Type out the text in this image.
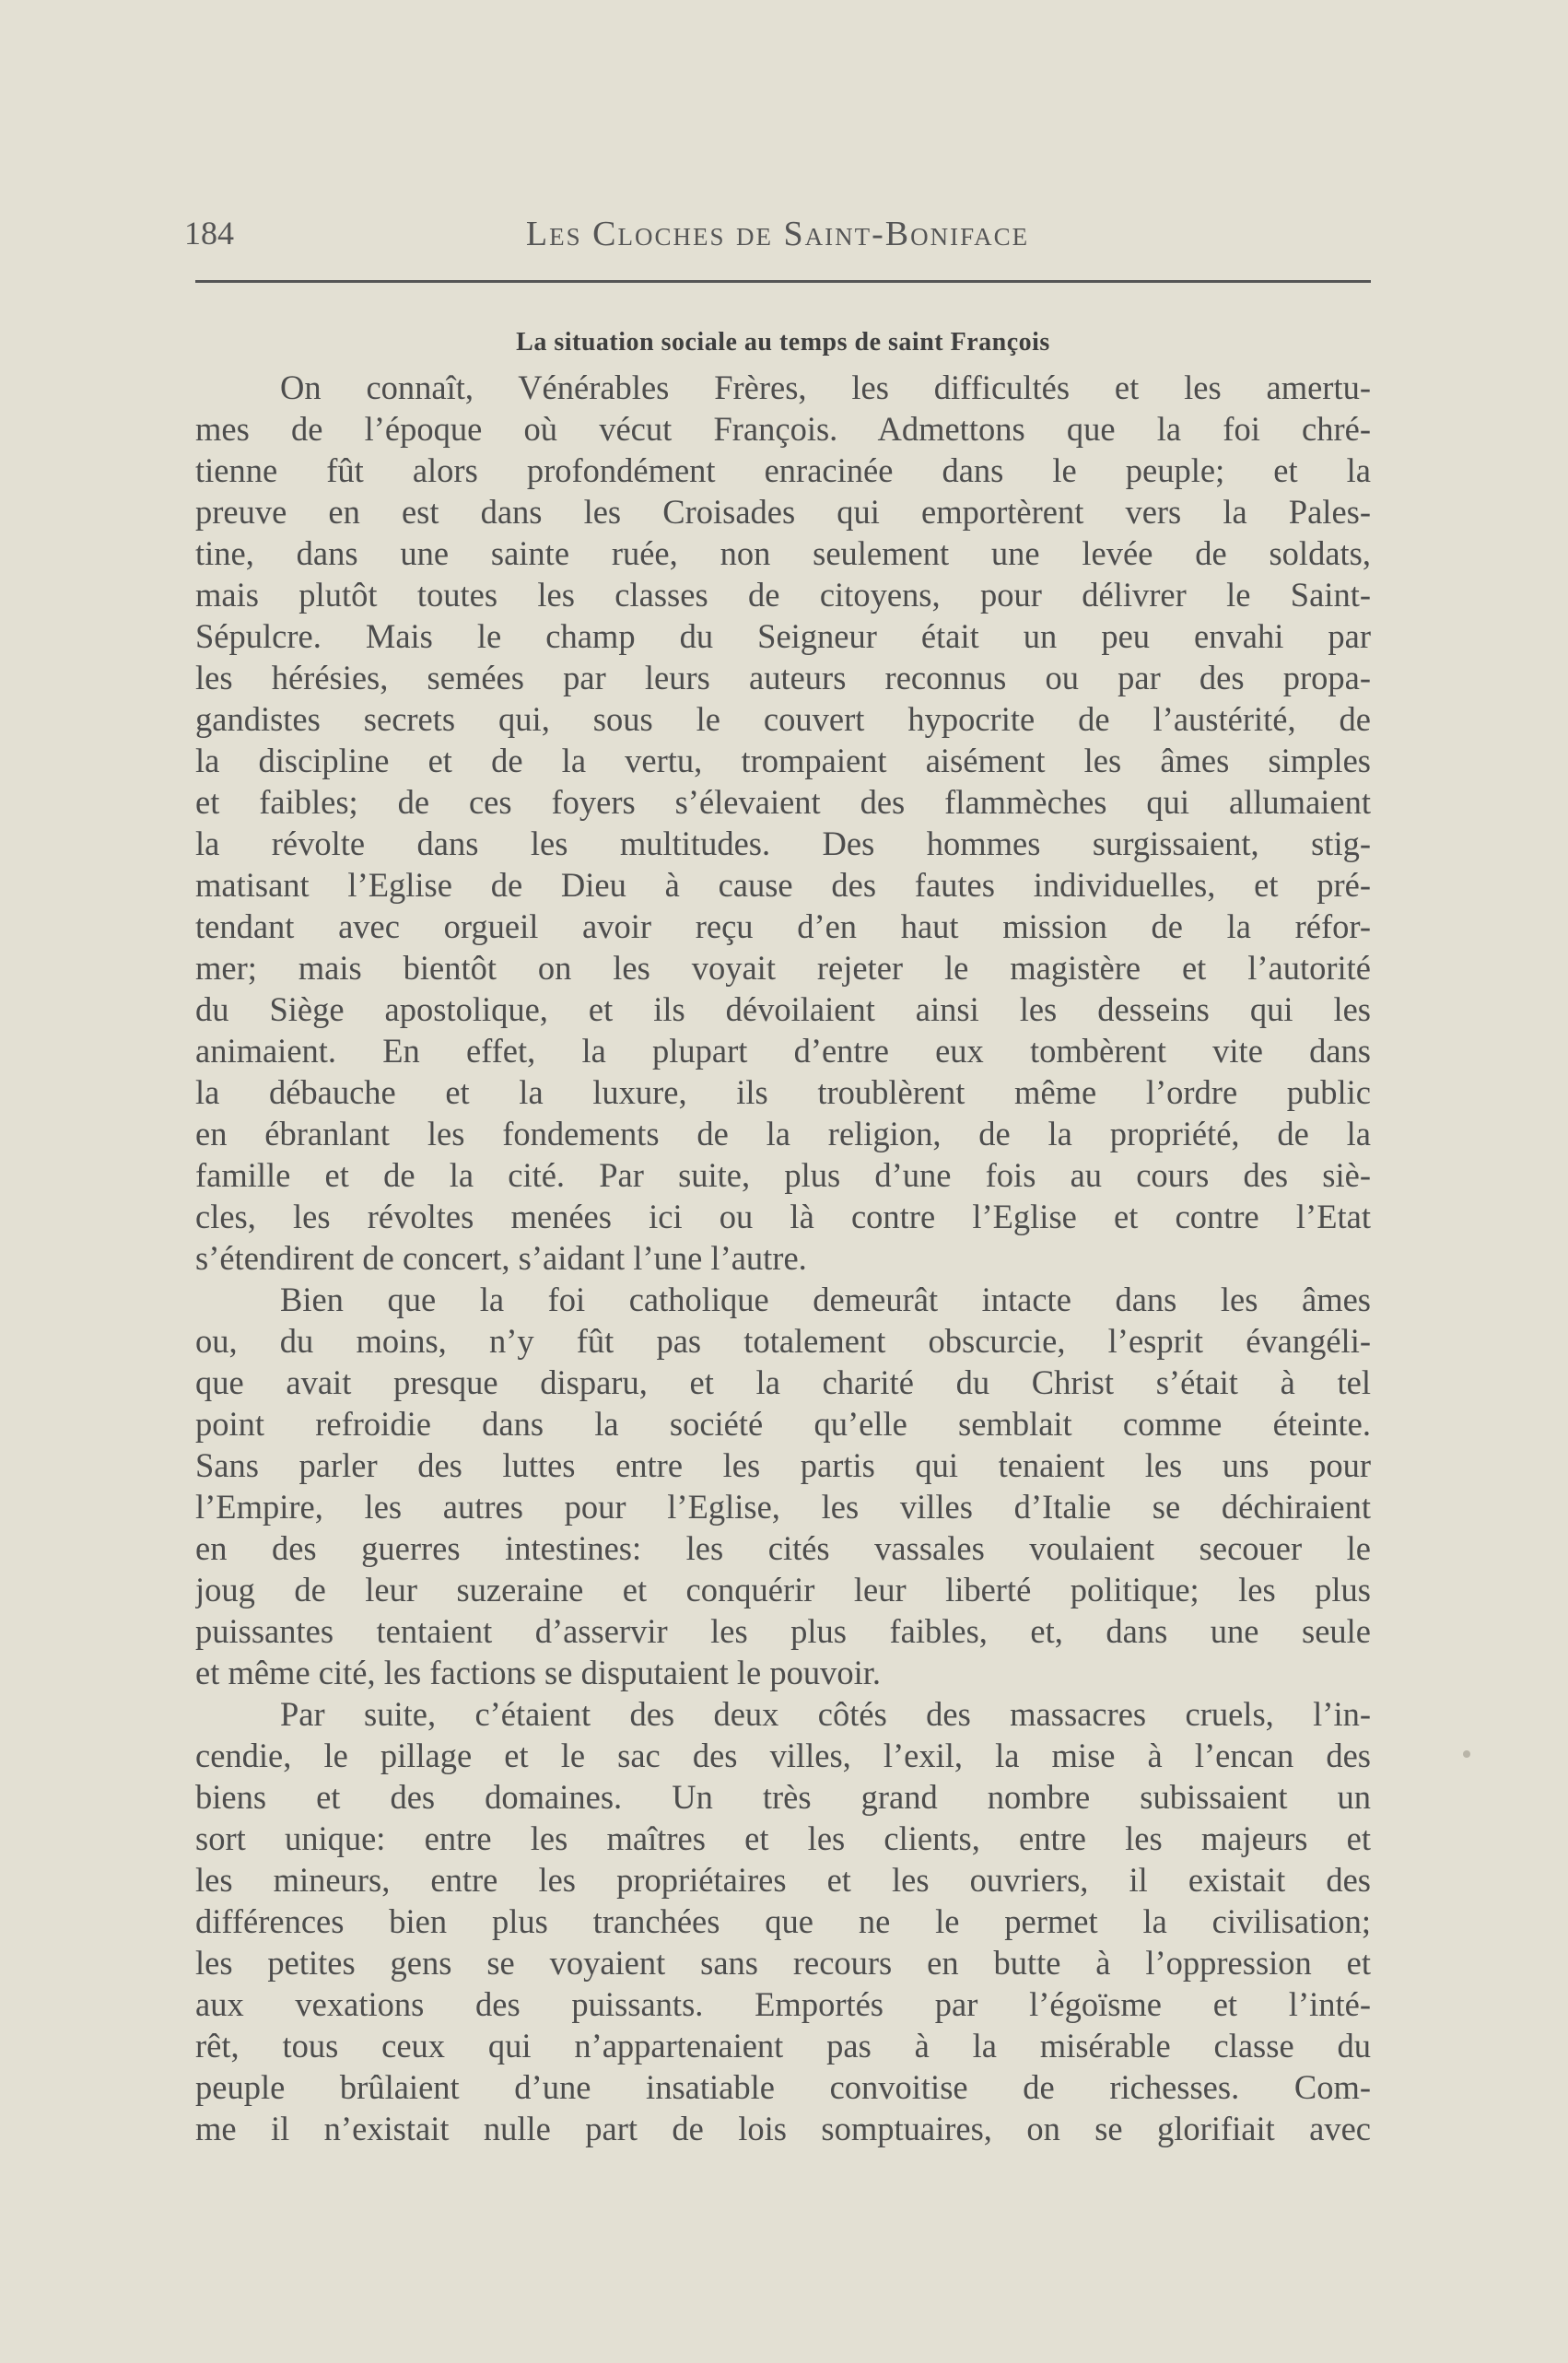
184	Les Cloches de Saint-Boniface
La situation sociale au temps de saint François
On connaît, Vénérables Frères, les difficultés et les amertu-
mes de l’époque où vécut François. Admettons que la foi chré-
tienne fût alors profondément enracinée dans le peuple; et la
preuve en est dans les Croisades qui emportèrent vers la Pales-
tine, dans une sainte ruée, non seulement une levée de soldats,
mais plutôt toutes les classes de citoyens, pour délivrer le Saint-
Sépulcre. Mais le champ du Seigneur était un peu envahi par
les hérésies, semées par leurs auteurs reconnus ou par des propa-
gandistes secrets qui, sous le couvert hypocrite de l’austérité, de
la discipline et de la vertu, trompaient aisément les âmes simples
et faibles; de ces foyers s’élevaient des flammèches qui allumaient
la révolte dans les multitudes. Des hommes surgissaient, stig-
matisant l’Eglise de Dieu à cause des fautes individuelles, et pré-
tendant avec orgueil avoir reçu d’en haut mission de la réfor-
mer; mais bientôt on les voyait rejeter le magistère et l’autorité
du Siège apostolique, et ils dévoilaient ainsi les desseins qui les
animaient. En effet, la plupart d’entre eux tombèrent vite dans
la débauche et la luxure, ils troublèrent même l’ordre public
en ébranlant les fondements de la religion, de la propriété, de la
famille et de la cité. Par suite, plus d’une fois au cours des siè-
cles, les révoltes menées ici ou là contre l’Eglise et contre l’Etat
s’étendirent de concert, s’aidant l’une l’autre.
Bien que la foi catholique demeurât intacte dans les âmes
ou, du moins, n’y fût pas totalement obscurcie, l’esprit évangéli-
que avait presque disparu, et la charité du Christ s’était à tel
point refroidie dans la société qu’elle semblait comme éteinte.
Sans parler des luttes entre les partis qui tenaient les uns pour
l’Empire, les autres pour l’Eglise, les villes d’Italie se déchiraient
en des guerres intestines: les cités vassales voulaient secouer le
joug de leur suzeraine et conquérir leur liberté politique; les plus
puissantes tentaient d’asservir les plus faibles, et, dans une seule
et même cité, les factions se disputaient le pouvoir.
Par suite, c’étaient des deux côtés des massacres cruels, l’in-
cendie, le pillage et le sac des villes, l’exil, la mise à l’encan des
biens et des domaines. Un très grand nombre subissaient un
sort unique: entre les maîtres et les clients, entre les majeurs et
les mineurs, entre les propriétaires et les ouvriers, il existait des
différences bien plus tranchées que ne le permet la civilisation;
les petites gens se voyaient sans recours en butte à l’oppression et
aux vexations des puissants. Emportés par l’égoïsme et l’inté-
rêt, tous ceux qui n’appartenaient pas à la misérable classe du
peuple brûlaient d’une insatiable convoitise de richesses. Com-
me il n’existait nulle part de lois somptuaires, on se glorifiait avec
